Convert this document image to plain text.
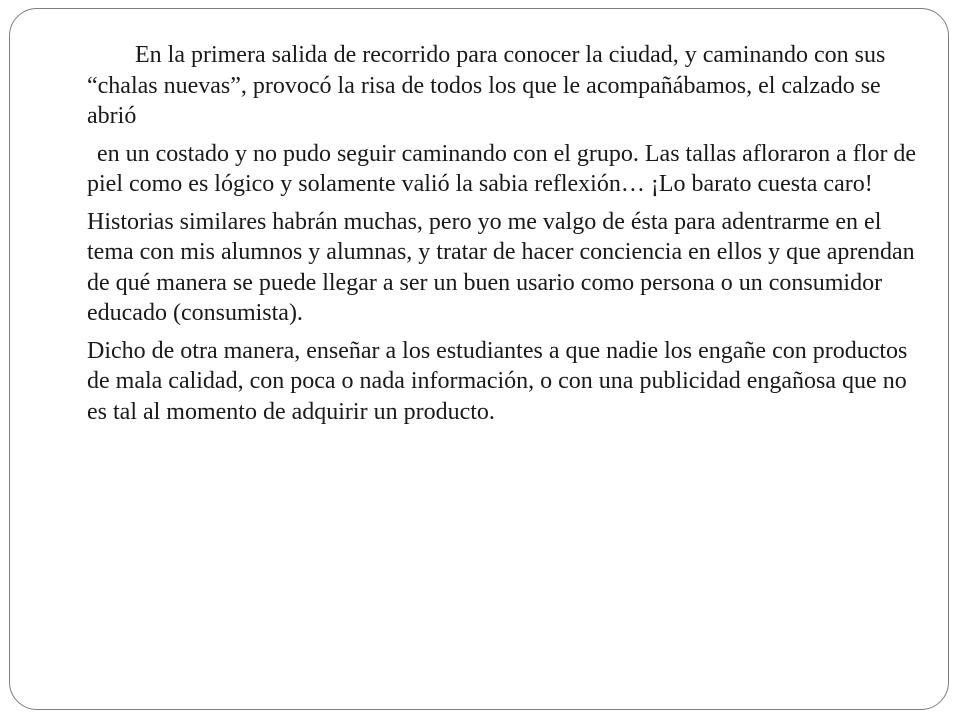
En la primera salida de recorrido para conocer la ciudad, y caminando con sus “chalas nuevas”, provocó la risa de todos los que le acompañábamos, el calzado se abrió

en un costado y no pudo seguir caminando con el grupo. Las tallas afloraron a flor de piel como es lógico y solamente valió la sabia reflexión… ¡Lo barato cuesta caro!

Historias similares habrán muchas, pero yo me valgo de ésta para adentrarme en el tema con mis alumnos y alumnas, y tratar de hacer conciencia en ellos y que aprendan de qué manera se puede llegar a ser un buen usario como persona o un consumidor educado (consumista).

Dicho de otra manera, enseñar a los estudiantes a que nadie los engañe con productos de mala calidad, con poca o nada información, o con una publicidad engañosa que no es tal al momento de adquirir un producto.
